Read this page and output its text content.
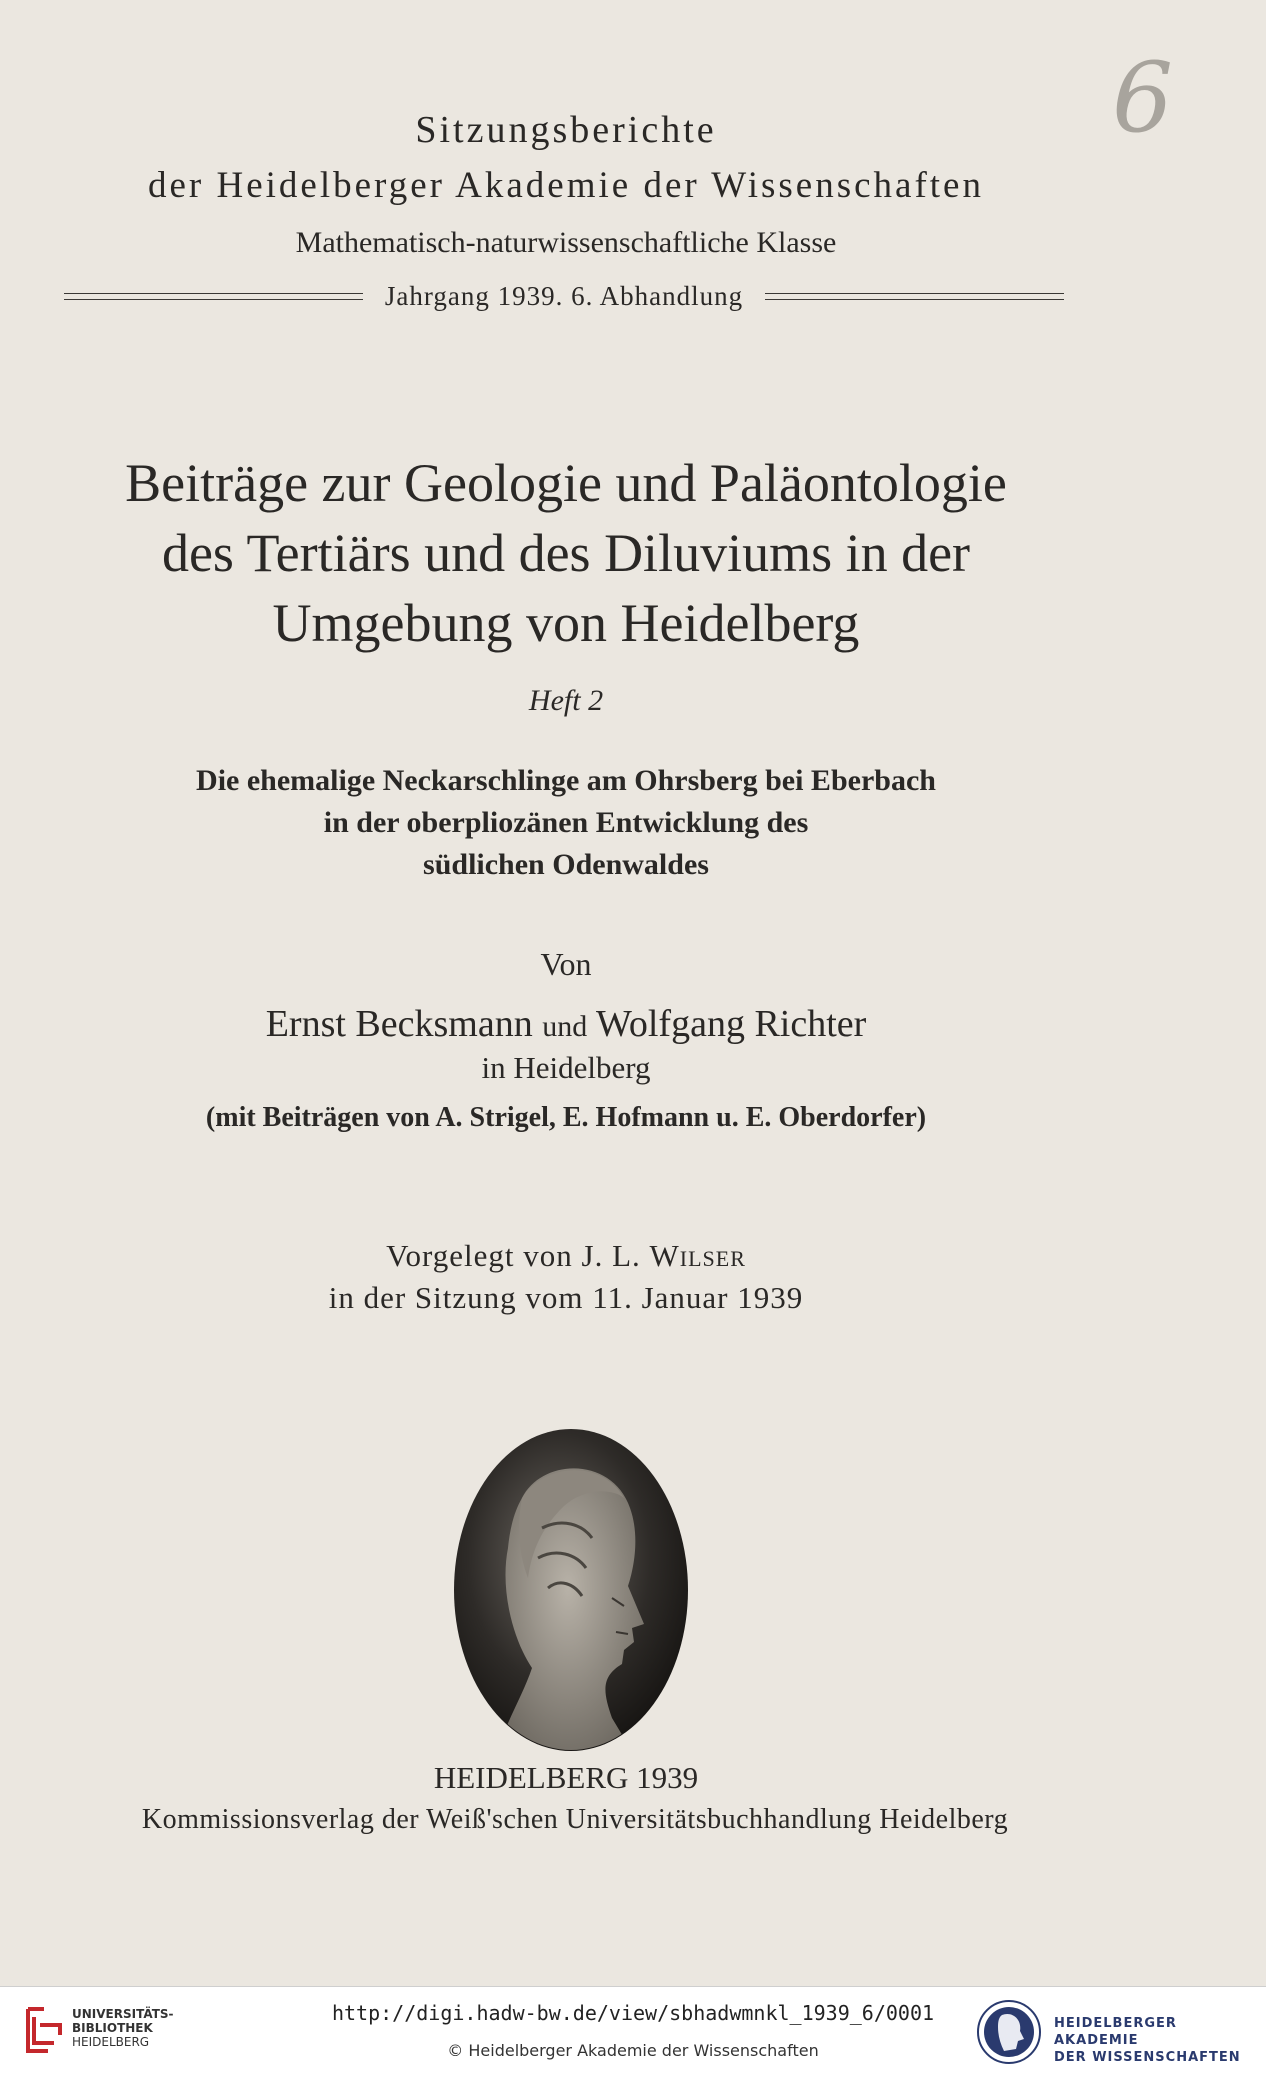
6
Sitzungsberichte
der Heidelberger Akademie der Wissenschaften
Mathematisch-naturwissenschaftliche Klasse
Jahrgang 1939. 6. Abhandlung
Beiträge zur Geologie und Paläontologie
des Tertiärs und des Diluviums in der
Umgebung von Heidelberg
Heft 2
Die ehemalige Neckarschlinge am Ohrsberg bei Eberbach
in der oberpliozänen Entwicklung des
südlichen Odenwaldes
Von
Ernst Becksmann und Wolfgang Richter
in Heidelberg
(mit Beiträgen von A. Strigel, E. Hofmann u. E. Oberdorfer)
Vorgelegt von J. L. Wilser
in der Sitzung vom 11. Januar 1939
HEIDELBERG 1939
Kommissionsverlag der Weiß'schen Universitätsbuchhandlung Heidelberg
UNIVERSITÄTS-
BIBLIOTHEK
HEIDELBERG
http://digi.hadw-bw.de/view/sbhadwmnkl_1939_6/0001
© Heidelberger Akademie der Wissenschaften
HEIDELBERGER AKADEMIE
DER WISSENSCHAFTEN
